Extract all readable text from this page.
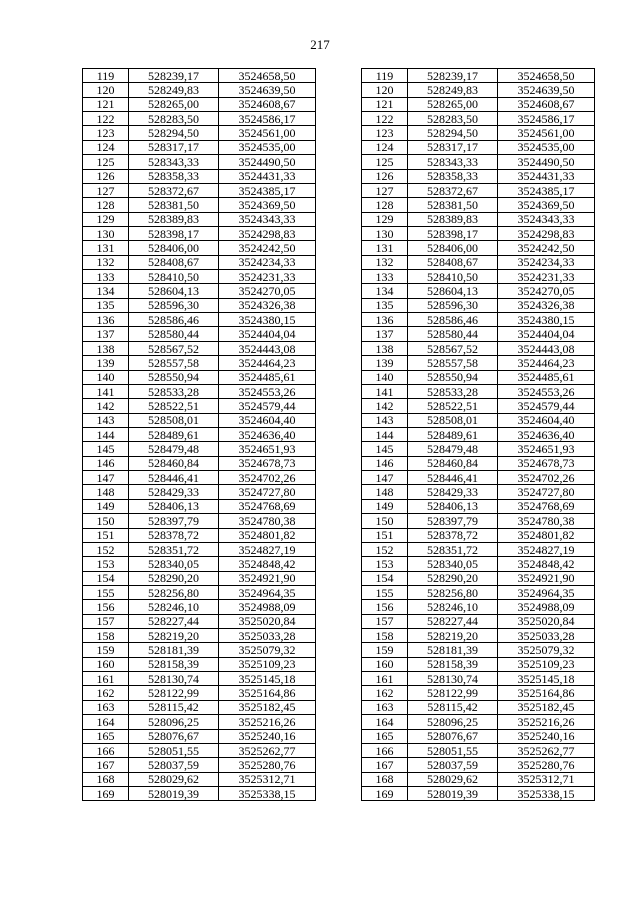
217
119	528239,17	3524658,50		119	528239,17	3524658,50
120	528249,83	3524639,50		120	528249,83	3524639,50
121	528265,00	3524608,67		121	528265,00	3524608,67
122	528283,50	3524586,17		122	528283,50	3524586,17
123	528294,50	3524561,00		123	528294,50	3524561,00
124	528317,17	3524535,00		124	528317,17	3524535,00
125	528343,33	3524490,50		125	528343,33	3524490,50
126	528358,33	3524431,33		126	528358,33	3524431,33
127	528372,67	3524385,17		127	528372,67	3524385,17
128	528381,50	3524369,50		128	528381,50	3524369,50
129	528389,83	3524343,33		129	528389,83	3524343,33
130	528398,17	3524298,83		130	528398,17	3524298,83
131	528406,00	3524242,50		131	528406,00	3524242,50
132	528408,67	3524234,33		132	528408,67	3524234,33
133	528410,50	3524231,33		133	528410,50	3524231,33
134	528604,13	3524270,05		134	528604,13	3524270,05
135	528596,30	3524326,38		135	528596,30	3524326,38
136	528586,46	3524380,15		136	528586,46	3524380,15
137	528580,44	3524404,04		137	528580,44	3524404,04
138	528567,52	3524443,08		138	528567,52	3524443,08
139	528557,58	3524464,23		139	528557,58	3524464,23
140	528550,94	3524485,61		140	528550,94	3524485,61
141	528533,28	3524553,26		141	528533,28	3524553,26
142	528522,51	3524579,44		142	528522,51	3524579,44
143	528508,01	3524604,40		143	528508,01	3524604,40
144	528489,61	3524636,40		144	528489,61	3524636,40
145	528479,48	3524651,93		145	528479,48	3524651,93
146	528460,84	3524678,73		146	528460,84	3524678,73
147	528446,41	3524702,26		147	528446,41	3524702,26
148	528429,33	3524727,80		148	528429,33	3524727,80
149	528406,13	3524768,69		149	528406,13	3524768,69
150	528397,79	3524780,38		150	528397,79	3524780,38
151	528378,72	3524801,82		151	528378,72	3524801,82
152	528351,72	3524827,19		152	528351,72	3524827,19
153	528340,05	3524848,42		153	528340,05	3524848,42
154	528290,20	3524921,90		154	528290,20	3524921,90
155	528256,80	3524964,35		155	528256,80	3524964,35
156	528246,10	3524988,09		156	528246,10	3524988,09
157	528227,44	3525020,84		157	528227,44	3525020,84
158	528219,20	3525033,28		158	528219,20	3525033,28
159	528181,39	3525079,32		159	528181,39	3525079,32
160	528158,39	3525109,23		160	528158,39	3525109,23
161	528130,74	3525145,18		161	528130,74	3525145,18
162	528122,99	3525164,86		162	528122,99	3525164,86
163	528115,42	3525182,45		163	528115,42	3525182,45
164	528096,25	3525216,26		164	528096,25	3525216,26
165	528076,67	3525240,16		165	528076,67	3525240,16
166	528051,55	3525262,77		166	528051,55	3525262,77
167	528037,59	3525280,76		167	528037,59	3525280,76
168	528029,62	3525312,71		168	528029,62	3525312,71
169	528019,39	3525338,15		169	528019,39	3525338,15
